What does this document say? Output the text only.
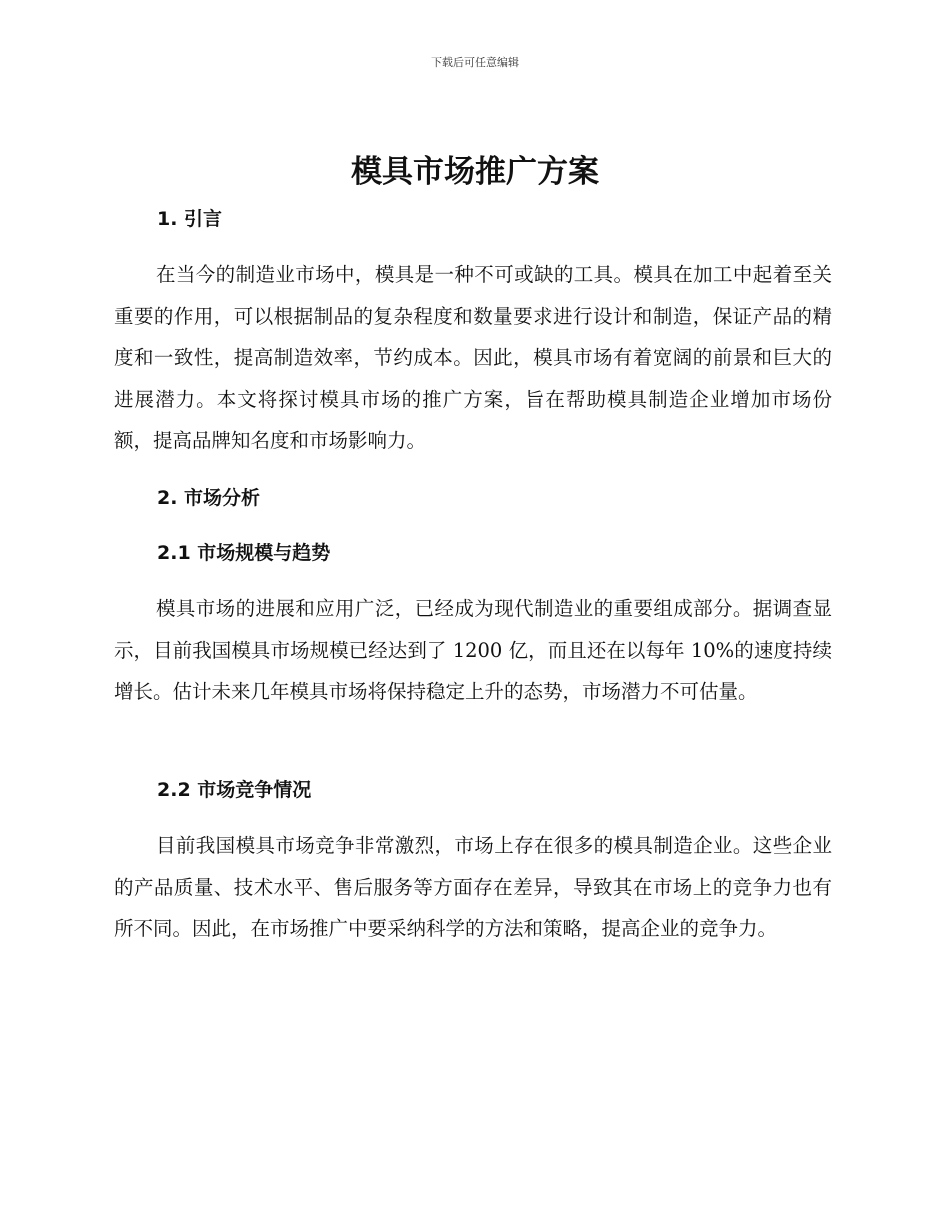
下载后可任意编辑
模具市场推广方案
1. 引言

在当今的制造业市场中，模具是一种不可或缺的工具。模具在加工中起着至关重要的作用，可以根据制品的复杂程度和数量要求进行设计和制造，保证产品的精度和一致性，提高制造效率，节约成本。因此，模具市场有着宽阔的前景和巨大的进展潜力。本文将探讨模具市场的推广方案，旨在帮助模具制造企业增加市场份额，提高品牌知名度和市场影响力。

2. 市场分析
2.1 市场规模与趋势

模具市场的进展和应用广泛，已经成为现代制造业的重要组成部分。据调查显示，目前我国模具市场规模已经达到了 1200 亿，而且还在以每年 10%的速度持续增长。估计未来几年模具市场将保持稳定上升的态势，市场潜力不可估量。

2.2 市场竞争情况

目前我国模具市场竞争非常激烈，市场上存在很多的模具制造企业。这些企业的产品质量、技术水平、售后服务等方面存在差异，导致其在市场上的竞争力也有所不同。因此，在市场推广中要采纳科学的方法和策略，提高企业的竞争力。
